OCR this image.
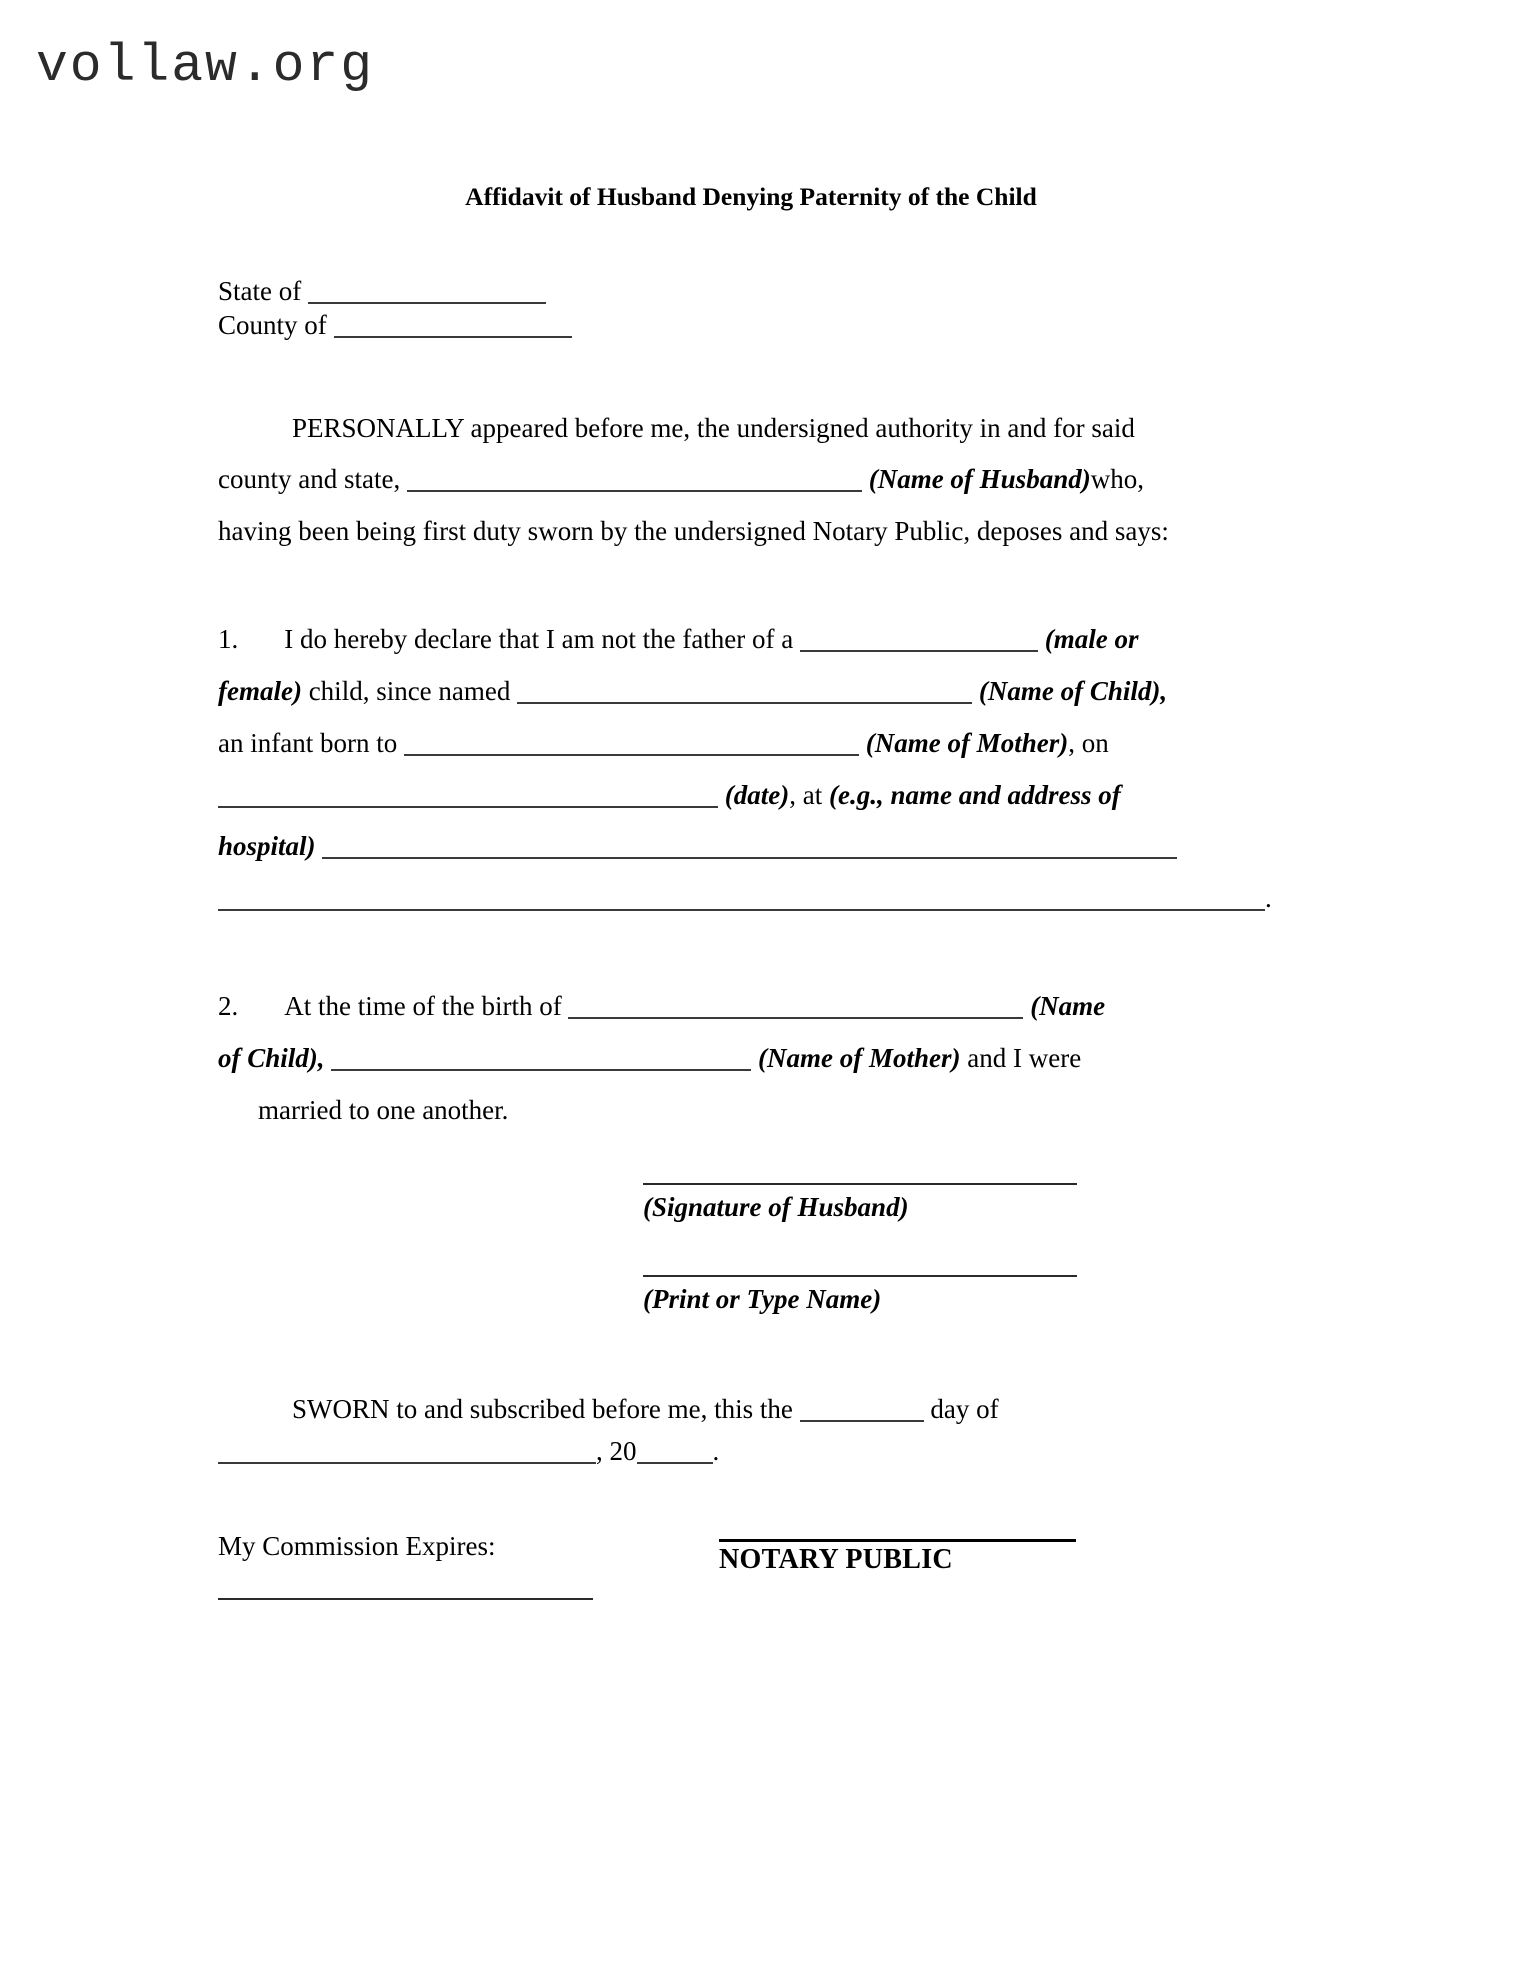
vollaw.org
Affidavit of Husband Denying Paternity of the Child
State of
County of
PERSONALLY appeared before me, the undersigned authority in and for said
county and state,	(Name of Husband)who,
having been being first duty sworn by the undersigned Notary Public, deposes and says:
1. I do hereby declare that I am not the father of a	(male or
female) child, since named	(Name of Child),
an infant born to	(Name of Mother), on
(date), at (e.g., name and address of
hospital)  .
2. At the time of the birth of	(Name
of Child),	(Name of Mother) and I were
married to one another.
(Signature of Husband)
(Print or Type Name)
SWORN to and subscribed before me, this the	day of
, 20	.
NOTARY PUBLIC
My Commission Expires:
